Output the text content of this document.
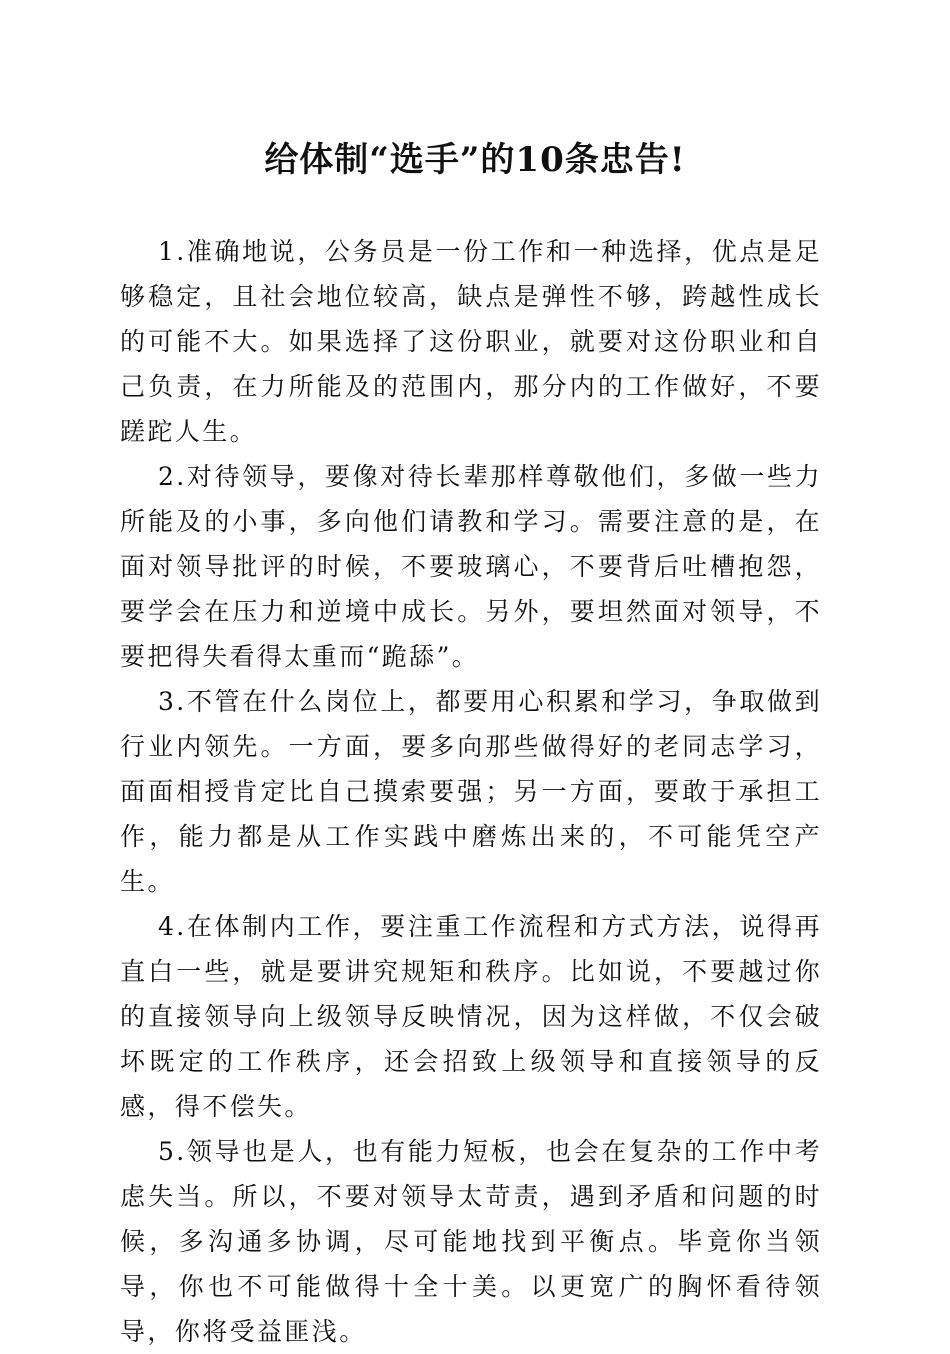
给体制“选手”的10条忠告!

1.准确地说，公务员是一份工作和一种选择，优点是足够稳定，且社会地位较高，缺点是弹性不够，跨越性成长的可能不大。如果选择了这份职业，就要对这份职业和自己负责，在力所能及的范围内，那分内的工作做好，不要蹉跎人生。

2.对待领导，要像对待长辈那样尊敬他们，多做一些力所能及的小事，多向他们请教和学习。需要注意的是，在面对领导批评的时候，不要玻璃心，不要背后吐槽抱怨，要学会在压力和逆境中成长。另外，要坦然面对领导，不要把得失看得太重而“跪舔”。

3.不管在什么岗位上，都要用心积累和学习，争取做到行业内领先。一方面，要多向那些做得好的老同志学习，面面相授肯定比自己摸索要强；另一方面，要敢于承担工作，能力都是从工作实践中磨炼出来的，不可能凭空产生。

4.在体制内工作，要注重工作流程和方式方法，说得再直白一些，就是要讲究规矩和秩序。比如说，不要越过你的直接领导向上级领导反映情况，因为这样做，不仅会破坏既定的工作秩序，还会招致上级领导和直接领导的反感，得不偿失。

5.领导也是人，也有能力短板，也会在复杂的工作中考虑失当。所以，不要对领导太苛责，遇到矛盾和问题的时候，多沟通多协调，尽可能地找到平衡点。毕竟你当领导，你也不可能做得十全十美。以更宽广的胸怀看待领导，你将受益匪浅。
